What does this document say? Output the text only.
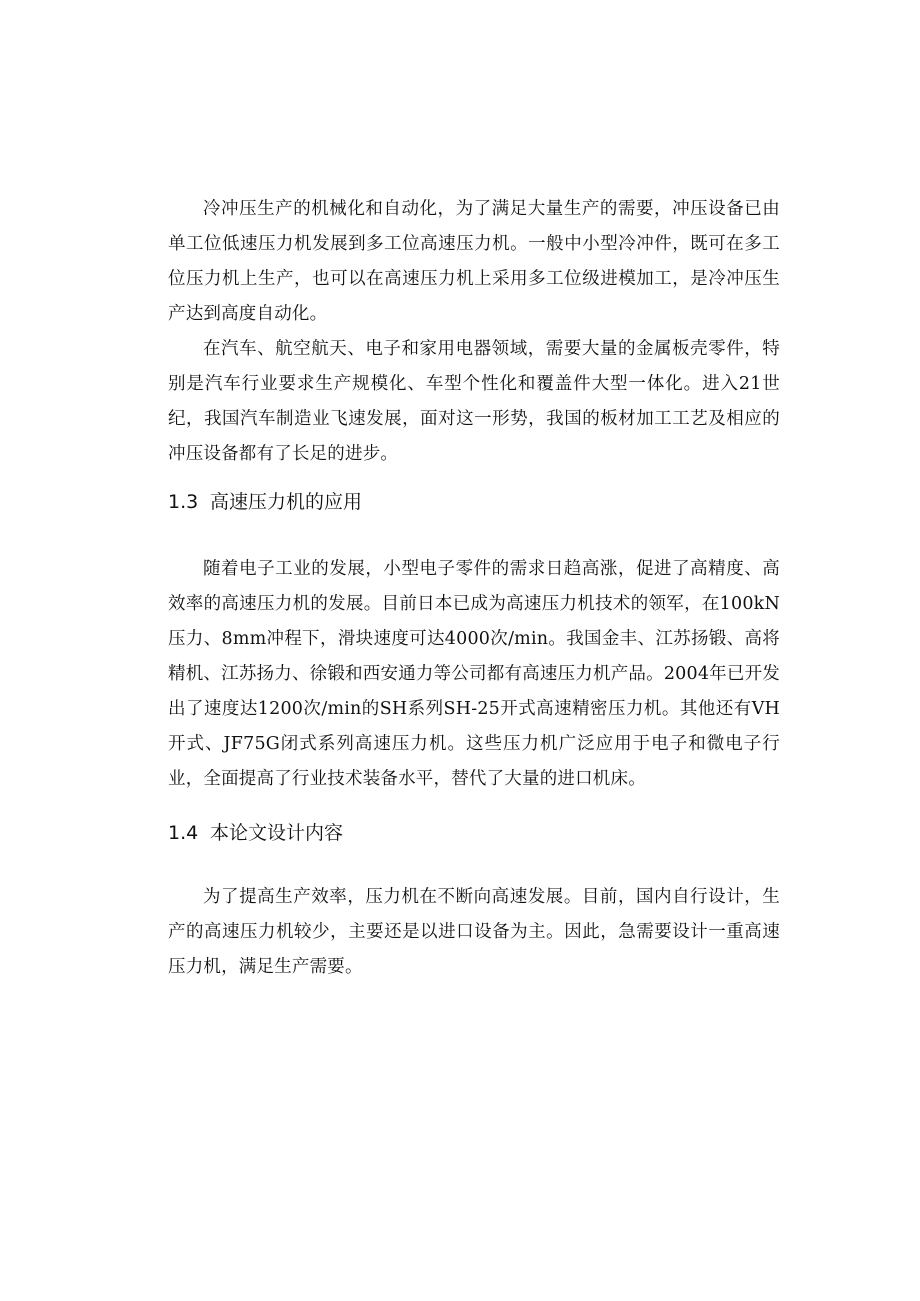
冷冲压生产的机械化和自动化，为了满足大量生产的需要，冲压设备已由单工位低速压力机发展到多工位高速压力机。一般中小型冷冲件，既可在多工位压力机上生产，也可以在高速压力机上采用多工位级进模加工，是冷冲压生产达到高度自动化。

在汽车、航空航天、电子和家用电器领域，需要大量的金属板壳零件，特别是汽车行业要求生产规模化、车型个性化和覆盖件大型一体化。进入21世纪，我国汽车制造业飞速发展，面对这一形势，我国的板材加工工艺及相应的冲压设备都有了长足的进步。

1.3 高速压力机的应用

随着电子工业的发展，小型电子零件的需求日趋高涨，促进了高精度、高效率的高速压力机的发展。目前日本已成为高速压力机技术的领军，在100kN压力、8mm冲程下，滑块速度可达4000次/min。我国金丰、江苏扬锻、高将精机、江苏扬力、徐锻和西安通力等公司都有高速压力机产品。2004年已开发出了速度达1200次/min的SH系列SH-25开式高速精密压力机。其他还有VH开式、JF75G闭式系列高速压力机。这些压力机广泛应用于电子和微电子行业，全面提高了行业技术装备水平，替代了大量的进口机床。

1.4 本论文设计内容

为了提高生产效率，压力机在不断向高速发展。目前，国内自行设计，生产的高速压力机较少，主要还是以进口设备为主。因此，急需要设计一重高速压力机，满足生产需要。
